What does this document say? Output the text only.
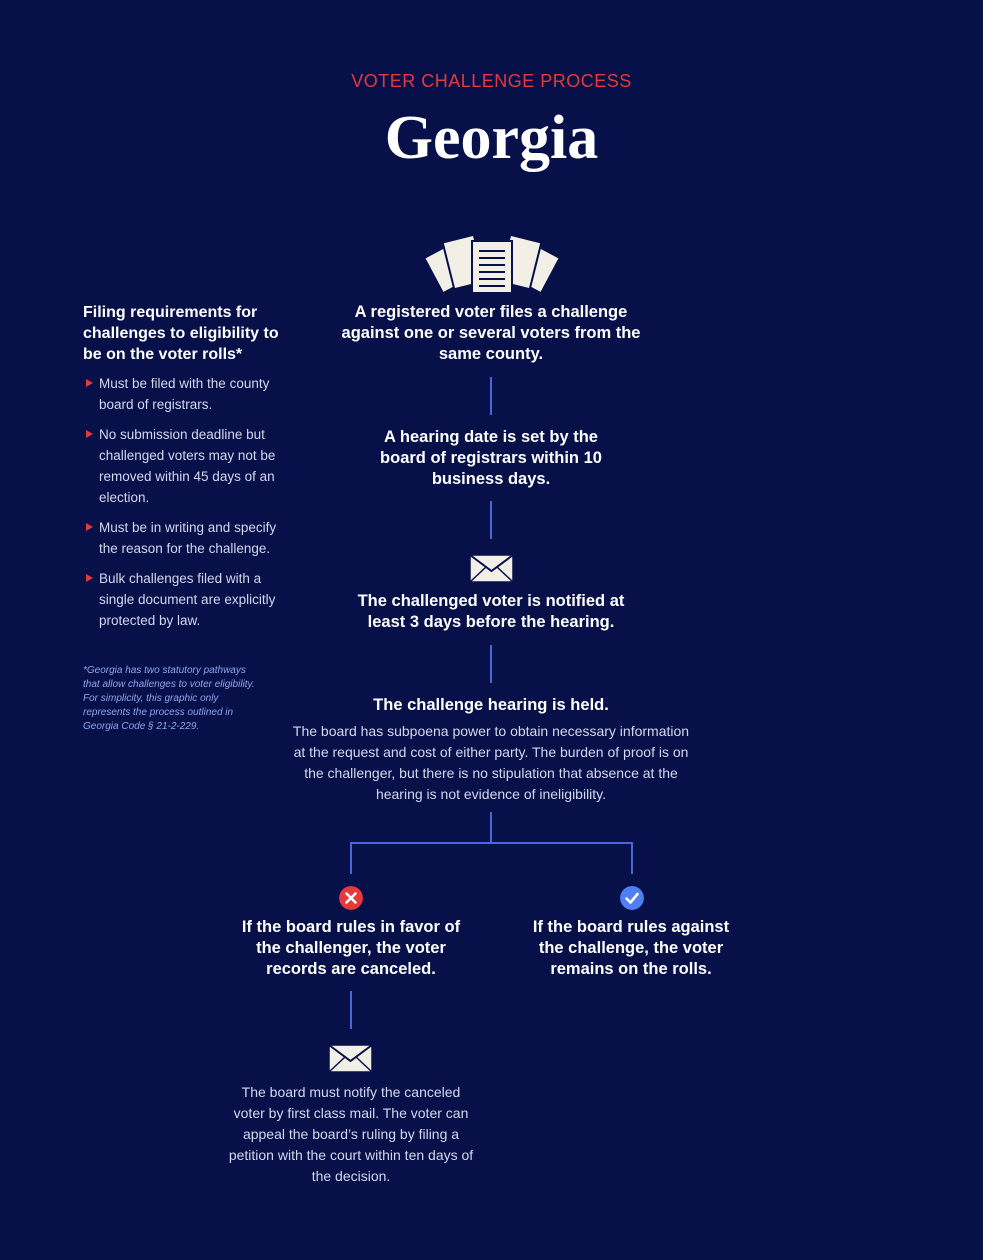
VOTER CHALLENGE PROCESS
Georgia
A registered voter files a challenge against one or several voters from the same county.
A hearing date is set by the board of registrars within 10 business days.
The challenged voter is notified at least 3 days before the hearing.
The challenge hearing is held.
The board has subpoena power to obtain necessary information at the request and cost of either party. The burden of proof is on the challenger, but there is no stipulation that absence at the hearing is not evidence of ineligibility.
If the board rules in favor of the challenger, the voter records are canceled.
If the board rules against the challenge, the voter remains on the rolls.
The board must notify the canceled voter by first class mail. The voter can appeal the board’s ruling by filing a petition with the court within ten days of the decision.
Filing requirements for challenges to eligibility to be on the voter rolls*
Must be filed with the county board of registrars.
No submission deadline but challenged voters may not be removed within 45 days of an election.
Must be in writing and specify the reason for the challenge.
Bulk challenges filed with a single document are explicitly protected by law.
*Georgia has two statutory pathways that allow challenges to voter eligibility. For simplicity, this graphic only represents the process outlined in Georgia Code § 21-2-229.
